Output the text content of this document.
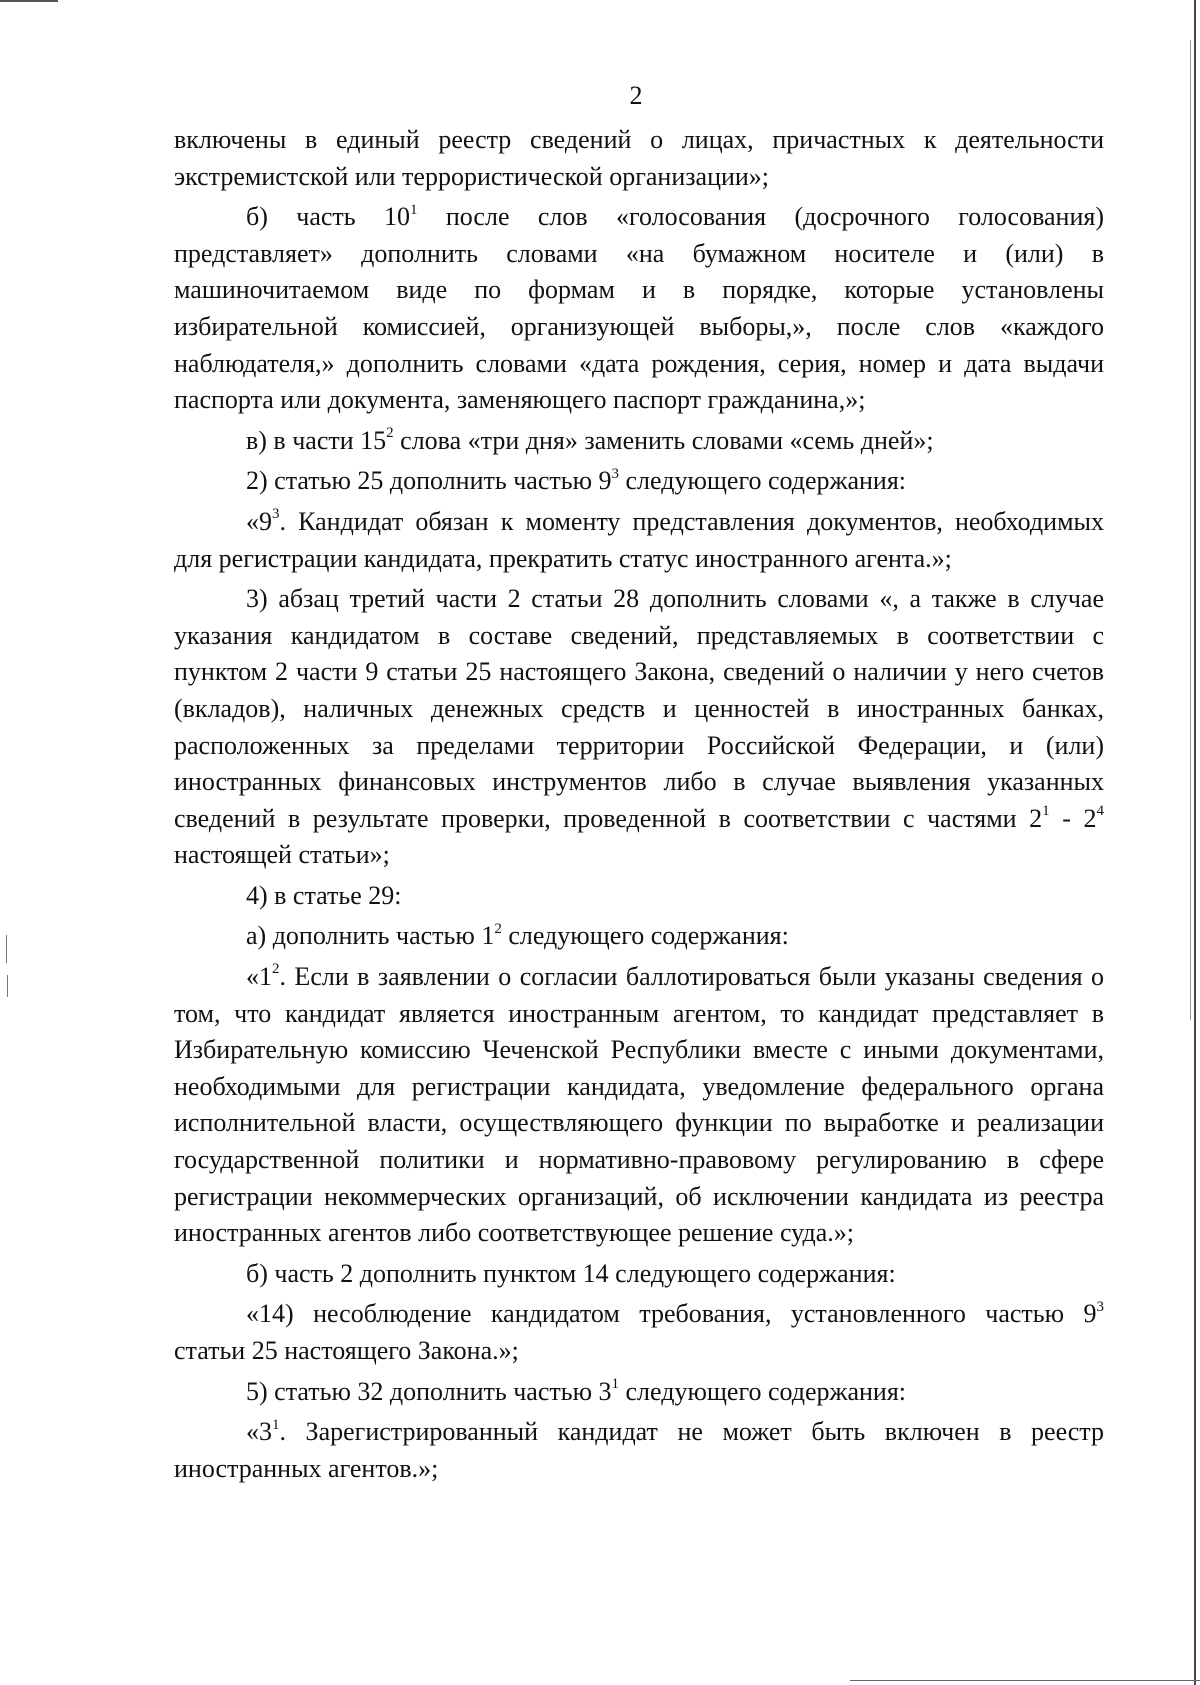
2

включены в единый реестр сведений о лицах, причастных к деятельности экстремистской или террористической организации»;

б) часть $10^1$ после слов «голосования (досрочного голосования) представляет» дополнить словами «на бумажном носителе и (или) в машиночитаемом виде по формам и в порядке, которые установлены избирательной комиссией, организующей выборы,», после слов «каждого наблюдателя,» дополнить словами «дата рождения, серия, номер и дата выдачи паспорта или документа, заменяющего паспорт гражданина,»;

в) в части $15^2$ слова «три дня» заменить словами «семь дней»;

2) статью 25 дополнить частью $9^3$ следующего содержания:

«$9^3$. Кандидат обязан к моменту представления документов, необходимых для регистрации кандидата, прекратить статус иностранного агента.»;

3) абзац третий части 2 статьи 28 дополнить словами «, а также в случае указания кандидатом в составе сведений, представляемых в соответствии с пунктом 2 части 9 статьи 25 настоящего Закона, сведений о наличии у него счетов (вкладов), наличных денежных средств и ценностей в иностранных банках, расположенных за пределами территории Российской Федерации, и (или) иностранных финансовых инструментов либо в случае выявления указанных сведений в результате проверки, проведенной в соответствии с частями $2^1 - 2^4$ настоящей статьи»;

4) в статье 29:

а) дополнить частью $1^2$ следующего содержания:

«$1^2$. Если в заявлении о согласии баллотироваться были указаны сведения о том, что кандидат является иностранным агентом, то кандидат представляет в Избирательную комиссию Чеченской Республики вместе с иными документами, необходимыми для регистрации кандидата, уведомление федерального органа исполнительной власти, осуществляющего функции по выработке и реализации государственной политики и нормативно-правовому регулированию в сфере регистрации некоммерческих организаций, об исключении кандидата из реестра иностранных агентов либо соответствующее решение суда.»;

б) часть 2 дополнить пунктом 14 следующего содержания:

«14) несоблюдение кандидатом требования, установленного частью $9^3$ статьи 25 настоящего Закона.»;

5) статью 32 дополнить частью $3^1$ следующего содержания:

«$3^1$. Зарегистрированный кандидат не может быть включен в реестр иностранных агентов.»;
